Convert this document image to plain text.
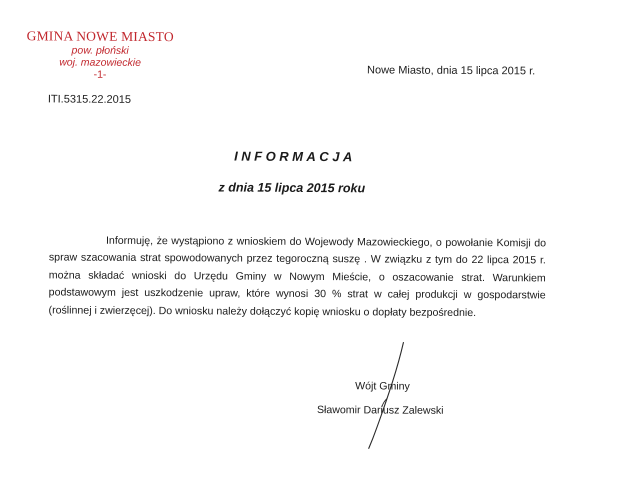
GMINA NOWE MIASTO
pow. płoński
woj. mazowieckie
-1-
ITI.5315.22.2015
Nowe Miasto, dnia 15 lipca 2015 r.
INFORMACJA
z dnia 15 lipca 2015 roku

Informuję, że wystąpiono z wnioskiem do Wojewody Mazowieckiego, o powołanie Komisji do spraw szacowania strat spowodowanych przez tegoroczną suszę . W związku z tym do 22 lipca 2015 r. można składać wnioski do Urzędu Gminy w Nowym Mieście, o oszacowanie strat. Warunkiem podstawowym jest uszkodzenie upraw, które wynosi 30 % strat w całej produkcji w gospodarstwie (roślinnej i zwierzęcej). Do wniosku należy dołączyć kopię wniosku o dopłaty bezpośrednie.

Wójt Gminy
Sławomir Dariusz Zalewski
